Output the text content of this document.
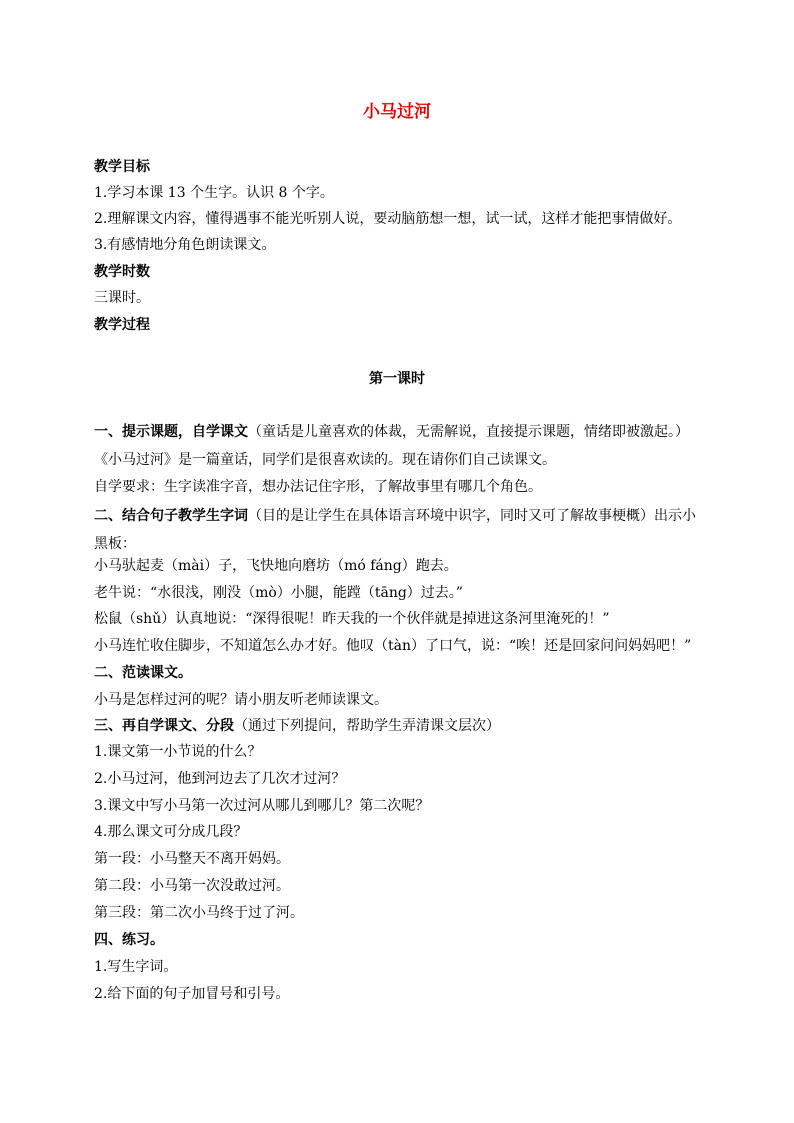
小马过河
教学目标
1.学习本课 13 个生字。认识 8 个字。
2.理解课文内容，懂得遇事不能光听别人说，要动脑筋想一想，试一试，这样才能把事情做好。
3.有感情地分角色朗读课文。
教学时数
三课时。
教学过程
第一课时
一、提示课题，自学课文（童话是儿童喜欢的体裁，无需解说，直接提示课题，情绪即被激起。）
《小马过河》是一篇童话，同学们是很喜欢读的。现在请你们自己读课文。
自学要求：生字读准字音，想办法记住字形，了解故事里有哪几个角色。
二、结合句子教学生字词（目的是让学生在具体语言环境中识字，同时又可了解故事梗概）出示小黑板：
小马驮起麦（mài）子，飞快地向磨坊（mó fáng）跑去。
老牛说：“水很浅，刚没（mò）小腿，能蹚（tāng）过去。”
松鼠（shǔ）认真地说：“深得很呢！昨天我的一个伙伴就是掉进这条河里淹死的！”
小马连忙收住脚步，不知道怎么办才好。他叹（tàn）了口气，说：“唉！还是回家问问妈妈吧！”
二、范读课文。
小马是怎样过河的呢？请小朋友听老师读课文。
三、再自学课文、分段（通过下列提问，帮助学生弄清课文层次）
1.课文第一小节说的什么？
2.小马过河，他到河边去了几次才过河？
3.课文中写小马第一次过河从哪儿到哪儿？第二次呢？
4.那么课文可分成几段？
第一段：小马整天不离开妈妈。
第二段：小马第一次没敢过河。
第三段：第二次小马终于过了河。
四、练习。
1.写生字词。
2.给下面的句子加冒号和引号。
